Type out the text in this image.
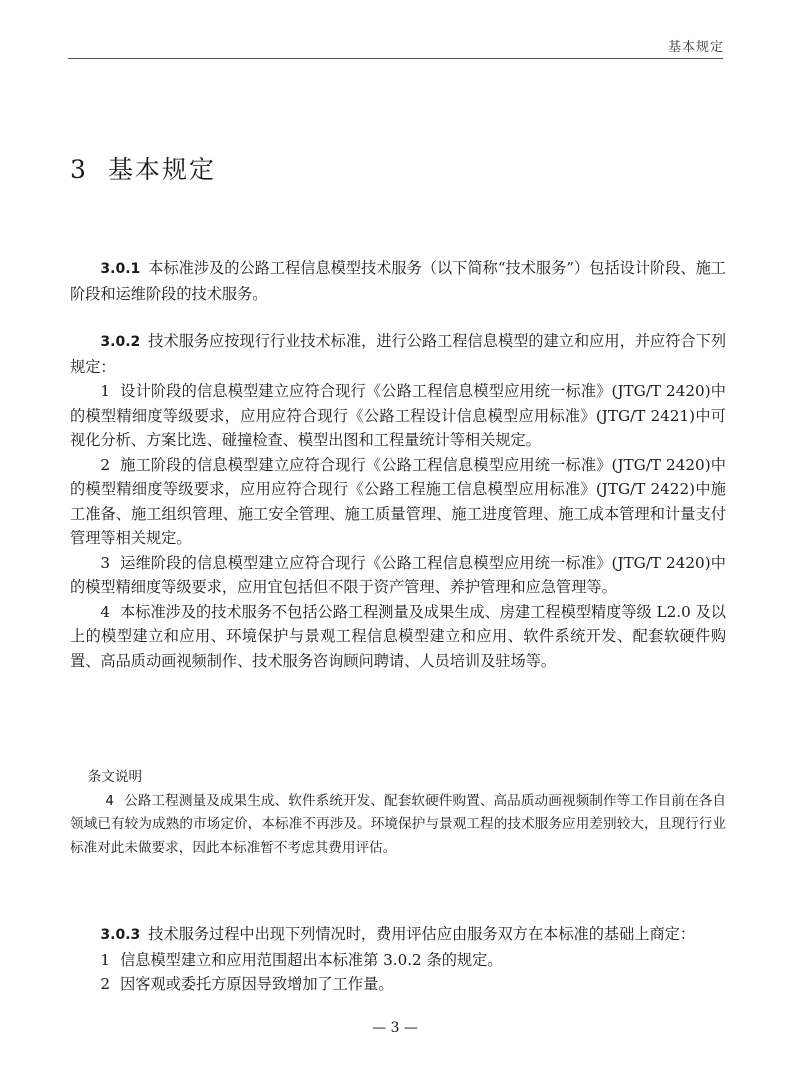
基本规定
3 基本规定

3.0.1 本标准涉及的公路工程信息模型技术服务（以下简称“技术服务”）包括设计阶段、施工阶段和运维阶段的技术服务。

3.0.2 技术服务应按现行行业技术标准，进行公路工程信息模型的建立和应用，并应符合下列规定：

1 设计阶段的信息模型建立应符合现行《公路工程信息模型应用统一标准》(JTG/T 2420)中的模型精细度等级要求，应用应符合现行《公路工程设计信息模型应用标准》(JTG/T 2421)中可视化分析、方案比选、碰撞检查、模型出图和工程量统计等相关规定。

2 施工阶段的信息模型建立应符合现行《公路工程信息模型应用统一标准》(JTG/T 2420)中的模型精细度等级要求，应用应符合现行《公路工程施工信息模型应用标准》(JTG/T 2422)中施工准备、施工组织管理、施工安全管理、施工质量管理、施工进度管理、施工成本管理和计量支付管理等相关规定。

3 运维阶段的信息模型建立应符合现行《公路工程信息模型应用统一标准》(JTG/T 2420)中的模型精细度等级要求，应用宜包括但不限于资产管理、养护管理和应急管理等。

4 本标准涉及的技术服务不包括公路工程测量及成果生成、房建工程模型精度等级 L2.0 及以上的模型建立和应用、环境保护与景观工程信息模型建立和应用、软件系统开发、配套软硬件购置、高品质动画视频制作、技术服务咨询顾问聘请、人员培训及驻场等。

条文说明

4 公路工程测量及成果生成、软件系统开发、配套软硬件购置、高品质动画视频制作等工作目前在各自领域已有较为成熟的市场定价，本标准不再涉及。环境保护与景观工程的技术服务应用差别较大，且现行行业标准对此未做要求，因此本标准暂不考虑其费用评估。

3.0.3 技术服务过程中出现下列情况时，费用评估应由服务双方在本标准的基础上商定：

1 信息模型建立和应用范围超出本标准第 3.0.2 条的规定。

2 因客观或委托方原因导致增加了工作量。

— 3 —
